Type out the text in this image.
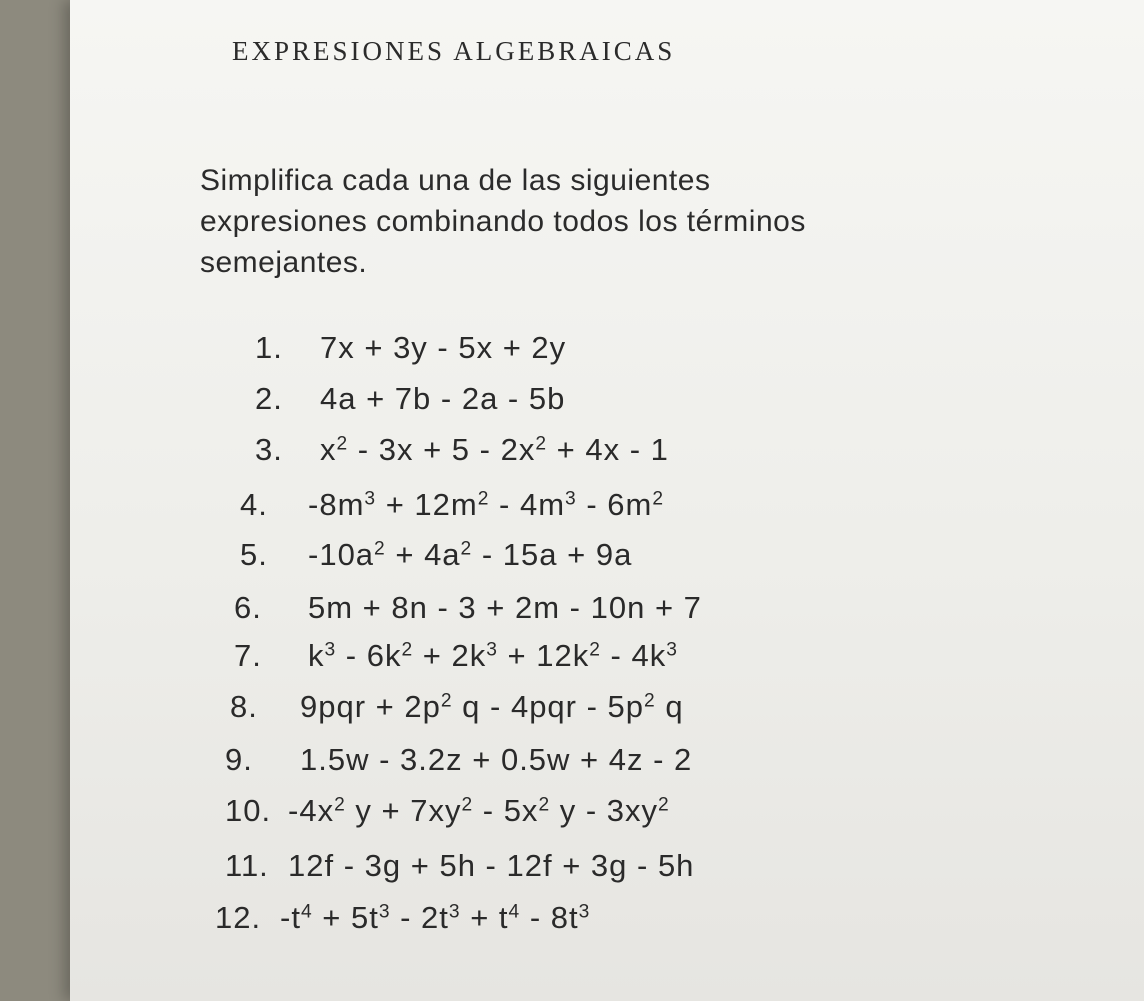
EXPRESIONES ALGEBRAICAS
Simplifica cada una de las siguientes
expresiones combinando todos los términos
semejantes.
1. 7x + 3y - 5x + 2y
2. 4a + 7b - 2a - 5b
3. $x^2 - 3x + 5 - 2x^2 + 4x - 1$
4. $-8m^3 + 12m^2 - 4m^3 - 6m^2$
5. $-10a^2 + 4a^2 - 15a + 9a$
6. 5m + 8n - 3 + 2m - 10n + 7
7. $k^3 - 6k^2 + 2k^3 + 12k^2 - 4k^3$
8. $9pqr + 2p^2$ q - $4pqr - 5p^2$ q
9. 1.5w - 3.2z + 0.5w + 4z - 2
10. $-4x^2$ $y + 7xy^2 - 5x^2$ y - $3xy^2$
11. 12f - 3g + 5h - 12f + 3g - 5h
12. $-t^4 + 5t^3 - 2t^3 + t^4 - 8t^3$
